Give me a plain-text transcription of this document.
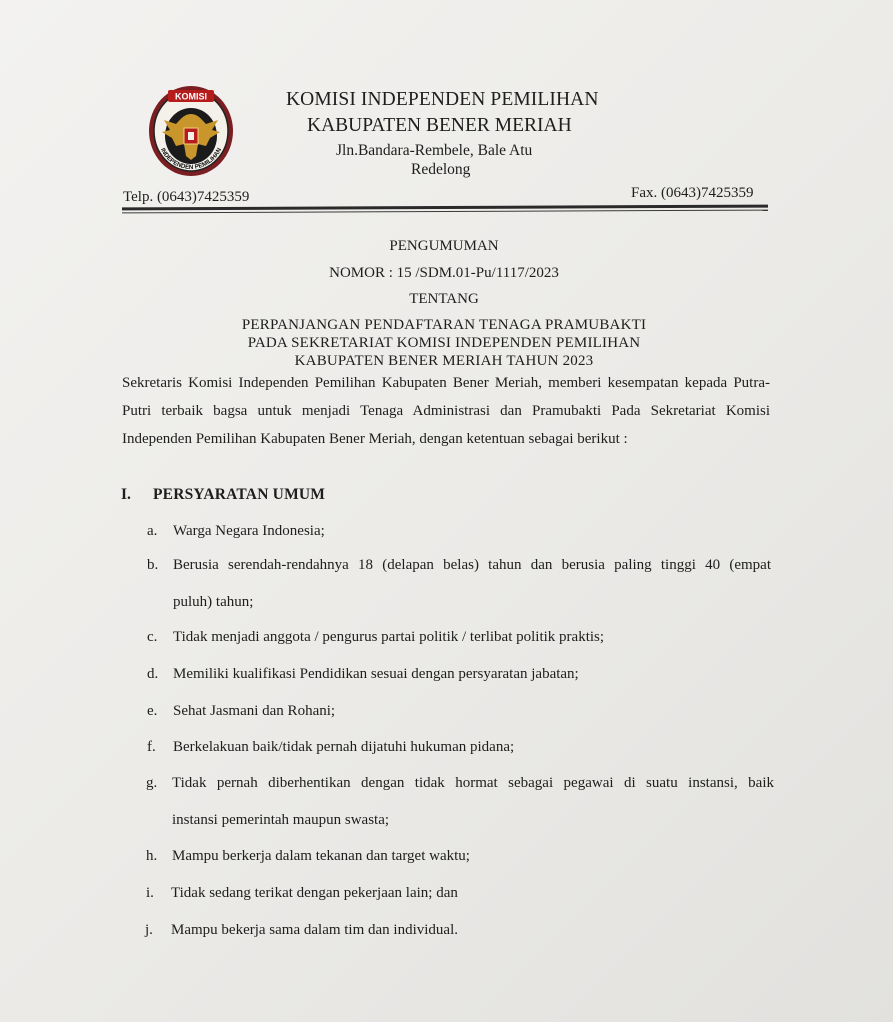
KOMISI
INDEPENDEN PEMILIHAN
KOMISI INDEPENDEN PEMILIHAN
KABUPATEN BENER MERIAH
Jln.Bandara-Rembele, Bale Atu
Redelong
Telp. (0643)7425359	Fax. (0643)7425359
PENGUMUMAN
NOMOR : 15 /SDM.01-Pu/1117/2023
TENTANG
PERPANJANGAN PENDAFTARAN TENAGA PRAMUBAKTI
PADA SEKRETARIAT KOMISI INDEPENDEN PEMILIHAN
KABUPATEN BENER MERIAH TAHUN 2023
Sekretaris Komisi Independen Pemilihan Kabupaten Bener Meriah, memberi kesempatan kepada Putra-Putri terbaik bagsa untuk menjadi Tenaga Administrasi dan Pramubakti Pada Sekretariat Komisi Independen Pemilihan Kabupaten Bener Meriah, dengan ketentuan sebagai berikut :
I. PERSYARATAN UMUM
a. Warga Negara Indonesia;
b. Berusia serendah-rendahnya 18 (delapan belas) tahun dan berusia paling tinggi 40 (empat
puluh) tahun;
c. Tidak menjadi anggota / pengurus partai politik / terlibat politik praktis;
d. Memiliki kualifikasi Pendidikan sesuai dengan persyaratan jabatan;
e. Sehat Jasmani dan Rohani;
f. Berkelakuan baik/tidak pernah dijatuhi hukuman pidana;
g. Tidak pernah diberhentikan dengan tidak hormat sebagai pegawai di suatu instansi, baik
instansi pemerintah maupun swasta;
h. Mampu berkerja dalam tekanan dan target waktu;
i. Tidak sedang terikat dengan pekerjaan lain; dan
j. Mampu bekerja sama dalam tim dan individual.
